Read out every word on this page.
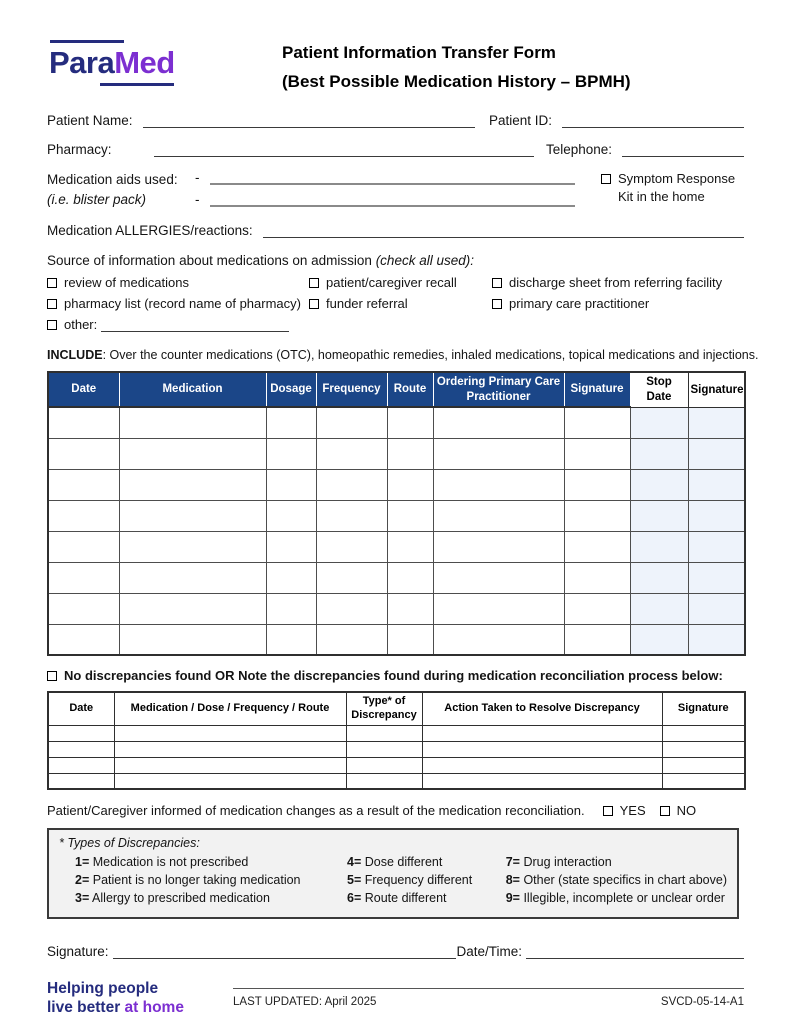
ParaMed	Patient Information Transfer Form
(Best Possible Medication History – BPMH)
Patient Name:	Patient ID:
Pharmacy:	Telephone:
Medication aids used:
(i.e. blister pack)
-
-
Symptom Response
Kit in the home
Medication ALLERGIES/reactions:
Source of information about medications on admission (check all used):
review of medications
pharmacy list (record name of pharmacy)
other:
patient/caregiver recall
funder referral
discharge sheet from referring facility
primary care practitioner
INCLUDE: Over the counter medications (OTC), homeopathic remedies, inhaled medications, topical medications and injections.
Date	Medication	Dosage	Frequency	Route	Ordering Primary Care Practitioner	Signature	Stop Date	Signature

No discrepancies found OR Note the discrepancies found during medication reconciliation process below:
Date	Medication / Dose / Frequency / Route	Type* of Discrepancy	Action Taken to Resolve Discrepancy	Signature

Patient/Caregiver informed of medication changes as a result of the medication reconciliation.	YES NO
* Types of Discrepancies:
1= Medication is not prescribed
2= Patient is no longer taking medication
3= Allergy to prescribed medication
4= Dose different
5= Frequency different
6= Route different
7= Drug interaction
8= Other (state specifics in chart above)
9= Illegible, incomplete or unclear order
Signature:	Date/Time:
Helping people
live better at home	LAST UPDATED: April 2025	SVCD-05-14-A1
